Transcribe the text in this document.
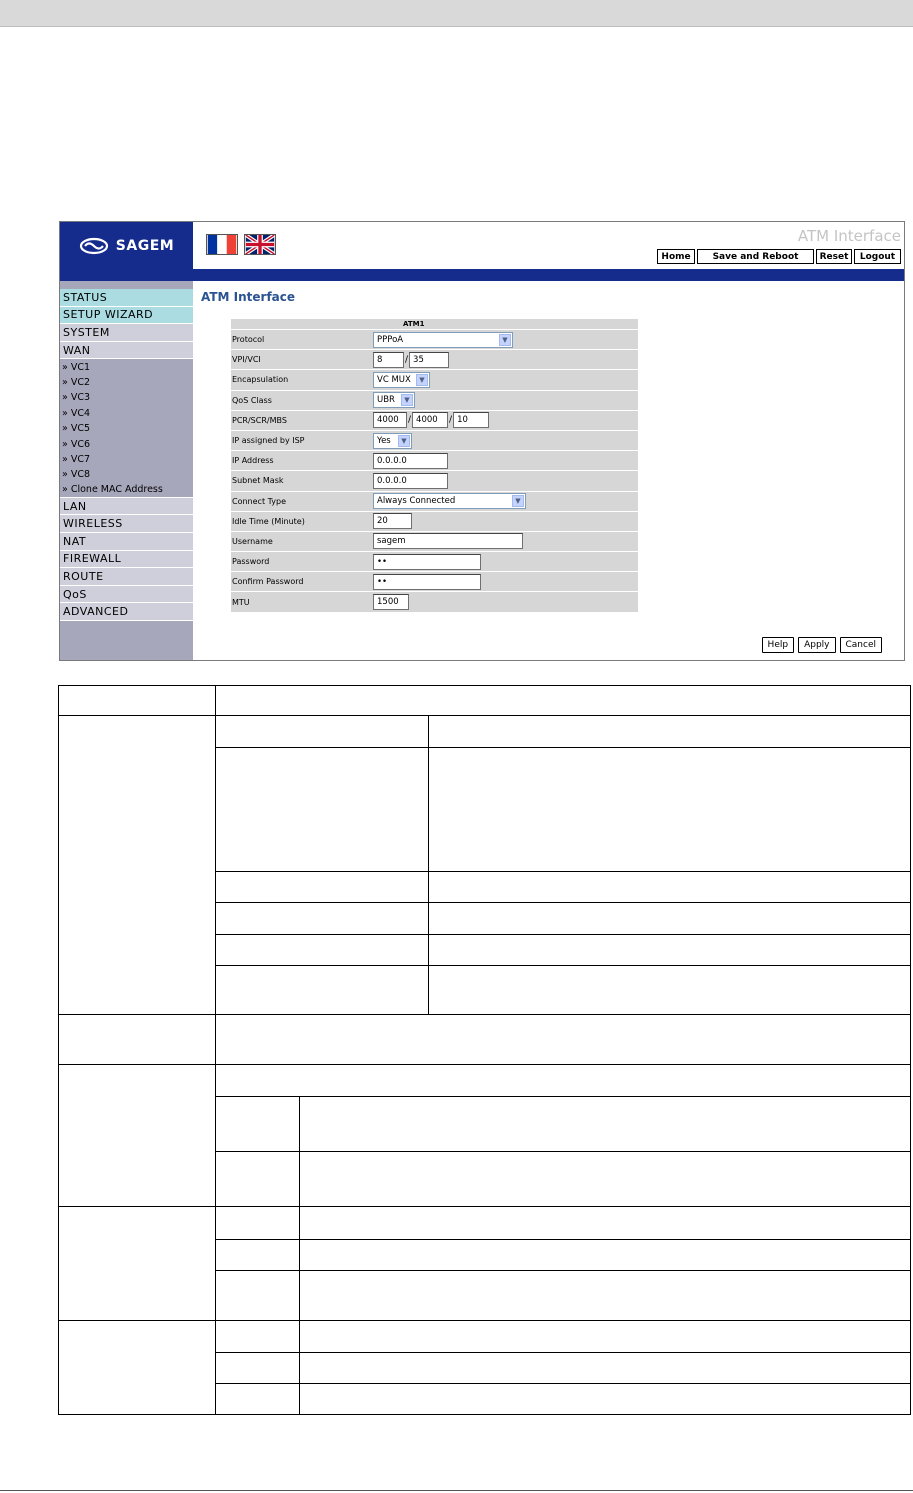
SAGEM
ATM Interface
Home	Save and Reboot	Reset	Logout
STATUS
SETUP WIZARD
SYSTEM
WAN
» VC1
» VC2
» VC3
» VC4
» VC5
» VC6
» VC7
» VC8
» Clone MAC Address
LAN
WIRELESS
NAT
FIREWALL
ROUTE
QoS
ADVANCED
ATM Interface
ATM1
Protocol	PPPoA	▼
VPI/VCI	8	/ 35
Encapsulation	VC MUX	▼
QoS Class	UBR	▼
PCR/SCR/MBS	4000	/ 4000	/ 10
IP assigned by ISP	Yes	▼
IP Address	0.0.0.0
Subnet Mask	0.0.0.0
Connect Type	Always Connected	▼
Idle Time (Minute)	20
Username	sagem
Password	••
Confirm Password	••
MTU	1500
Help	Apply	Cancel
